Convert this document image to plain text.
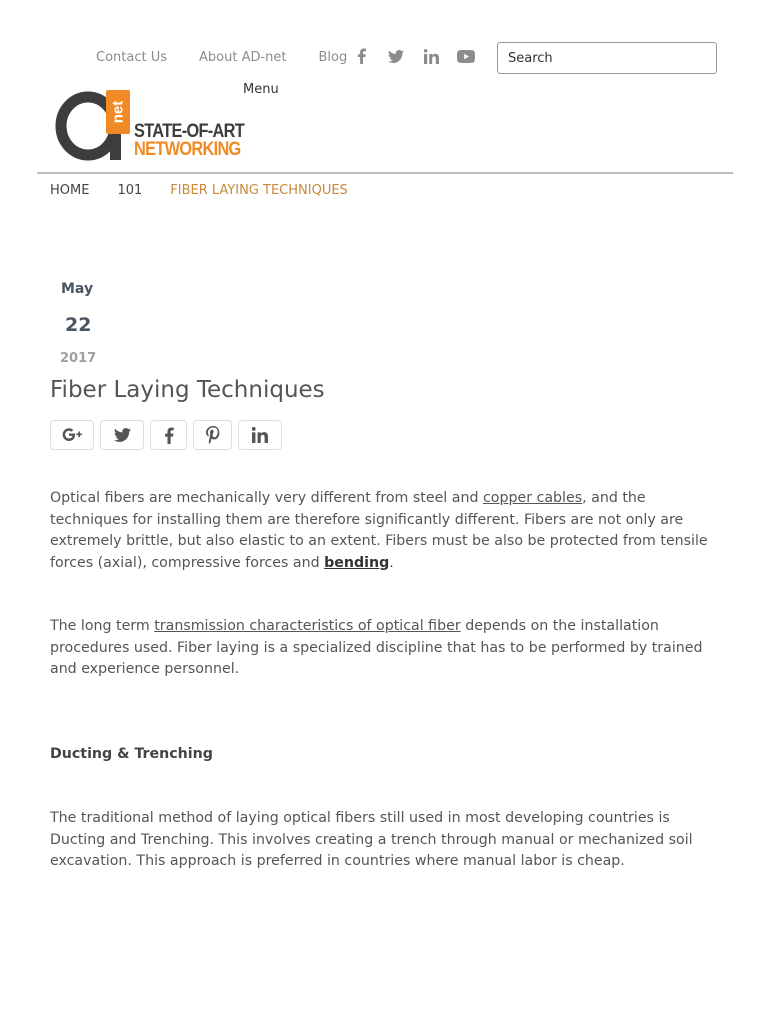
Contact Us About AD-net Blog
Search
Menu
net
STATE-OF-ART
NETWORKING
HOME 101 FIBER LAYING TECHNIQUES
May
22
2017
Fiber Laying Techniques

Optical fibers are mechanically very different from steel and copper cables, and the techniques for installing them are therefore significantly different. Fibers are not only are extremely brittle, but also elastic to an extent. Fibers must be also be protected from tensile forces (axial), compressive forces and bending.

The long term transmission characteristics of optical fiber depends on the installation procedures used. Fiber laying is a specialized discipline that has to be performed by trained and experience personnel.

Ducting & Trenching

The traditional method of laying optical fibers still used in most developing countries is Ducting and Trenching. This involves creating a trench through manual or mechanized soil excavation. This approach is preferred in countries where manual labor is cheap.
